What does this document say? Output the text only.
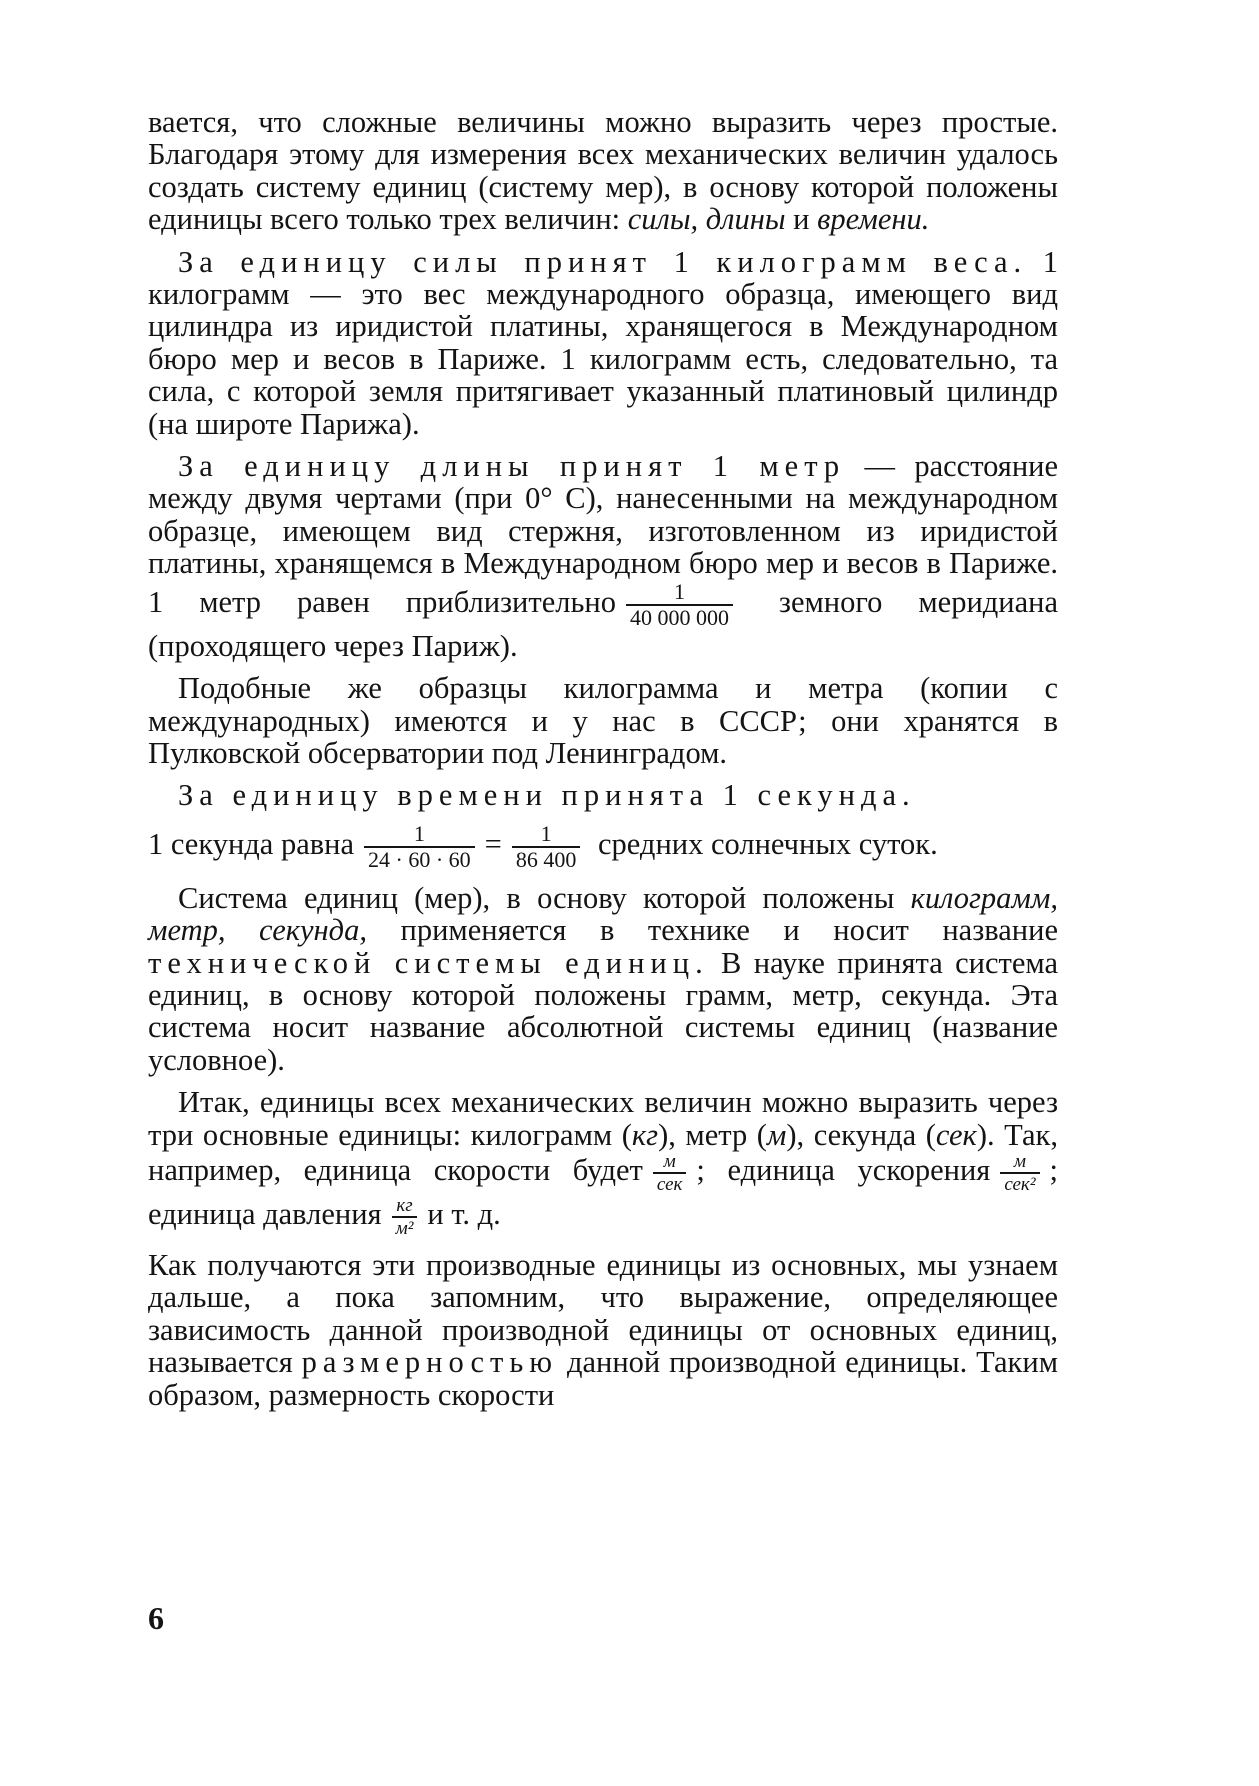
вается, что сложные величины можно выразить через простые. Благодаря этому для измерения всех механических величин удалось создать систему единиц (систему мер), в основу которой положены единицы всего только трех величин: силы, длины и времени.

За единицу силы принят 1 килограмм веса. 1 килограмм — это вес международного образца, имеющего вид цилиндра из иридистой платины, хранящегося в Международном бюро мер и весов в Париже. 1 килограмм есть, следовательно, та сила, с которой земля притягивает указанный платиновый цилиндр (на широте Парижа).

За единицу длины принят 1 метр — расстояние между двумя чертами (при 0° С), нанесенными на международном образце, имеющем вид стержня, изготовленном из иридистой платины, хранящемся в Международном бюро мер и весов в Париже. 1 метр равен приблизительно $\frac{1}{40 000 000}$ земного меридиана (проходящего через Париж).

Подобные же образцы килограмма и метра (копии с международных) имеются и у нас в СССР; они хранятся в Пулковской обсерватории под Ленинградом.

За единицу времени принята 1 секунда.

1 секунда равна $\frac{1}{24 \cdot 60 \cdot 60} = \frac{1}{86 400}$ средних солнечных суток.

Система единиц (мер), в основу которой положены килограмм, метр, секунда, применяется в технике и носит название технической системы единиц. В науке принята система единиц, в основу которой положены грамм, метр, секунда. Эта система носит название абсолютной системы единиц (название условное).

Итак, единицы всех механических величин можно выразить через три основные единицы: килограмм (кг), метр (м), секунда (сек). Так, например, единица скорости будет $\frac{м}{\text{сек}}$ ; единица ускорения $\frac{м}{\text{сек²}}$ ; единица давления $\frac{кг}{\text{м²}}$ и т. д.

Как получаются эти производные единицы из основных, мы узнаем дальше, а пока запомним, что выражение, определяющее зависимость данной производной единицы от основных единиц, называется размерностью данной производной единицы. Таким образом, размерность скорости

6
